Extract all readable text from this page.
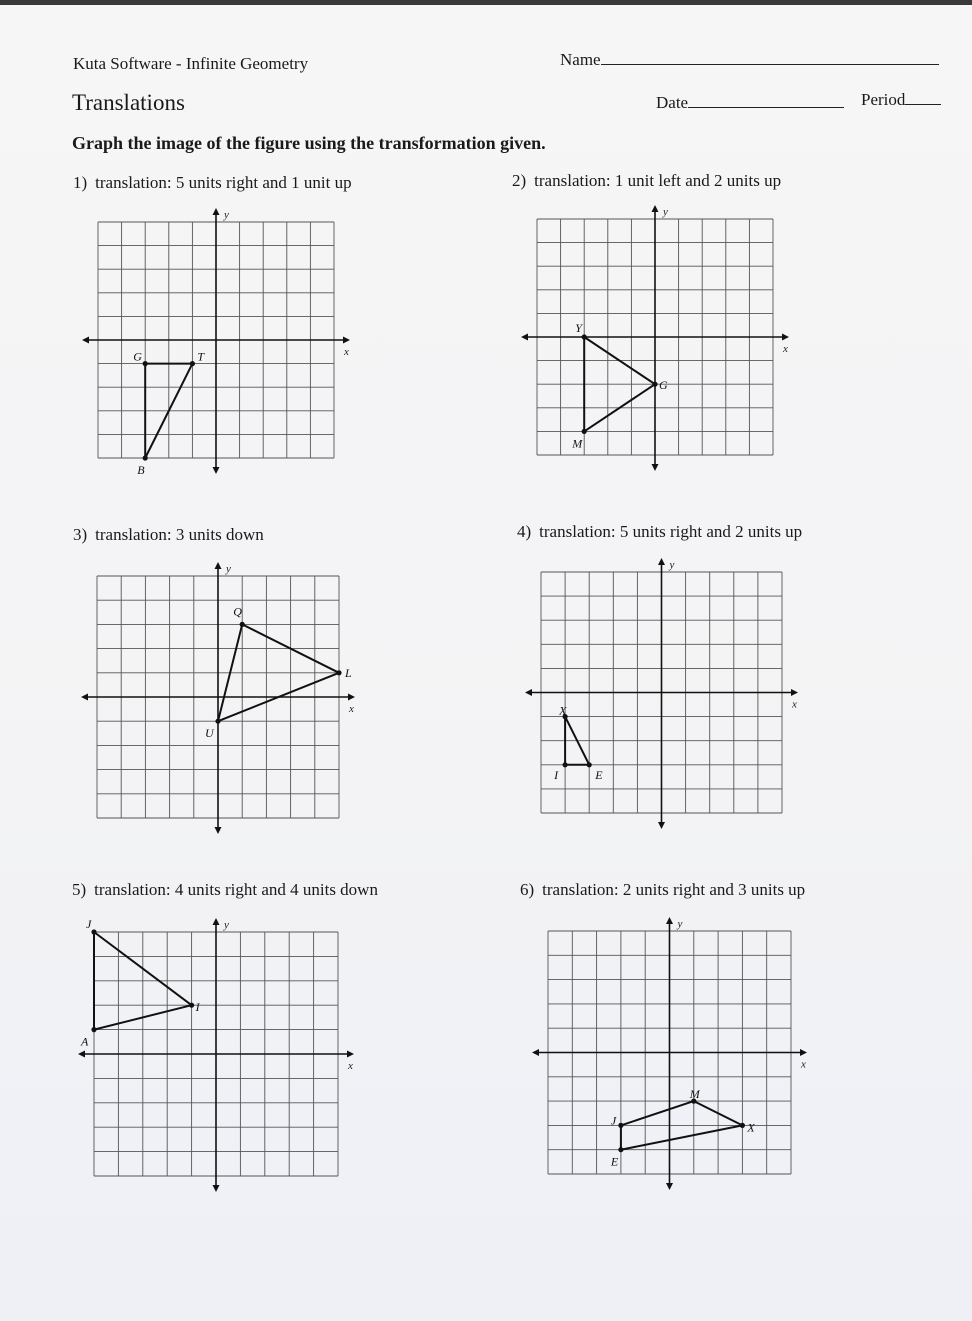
Kuta Software - Infinite Geometry	Name
Translations	Date	Period
Graph the image of the figure using the transformation given.
1) translation: 5 units right and 1 unit up
x
y
G	T
B
2) translation: 1 unit left and 2 units up
x
y
Y
G
M
3) translation: 3 units down
x
y
Q
L
U
4) translation: 5 units right and 2 units up
x
y
X
E
I
5) translation: 4 units right and 4 units down
x
y
J
I
A
6) translation: 2 units right and 3 units up
x
y
M
X
E
J
